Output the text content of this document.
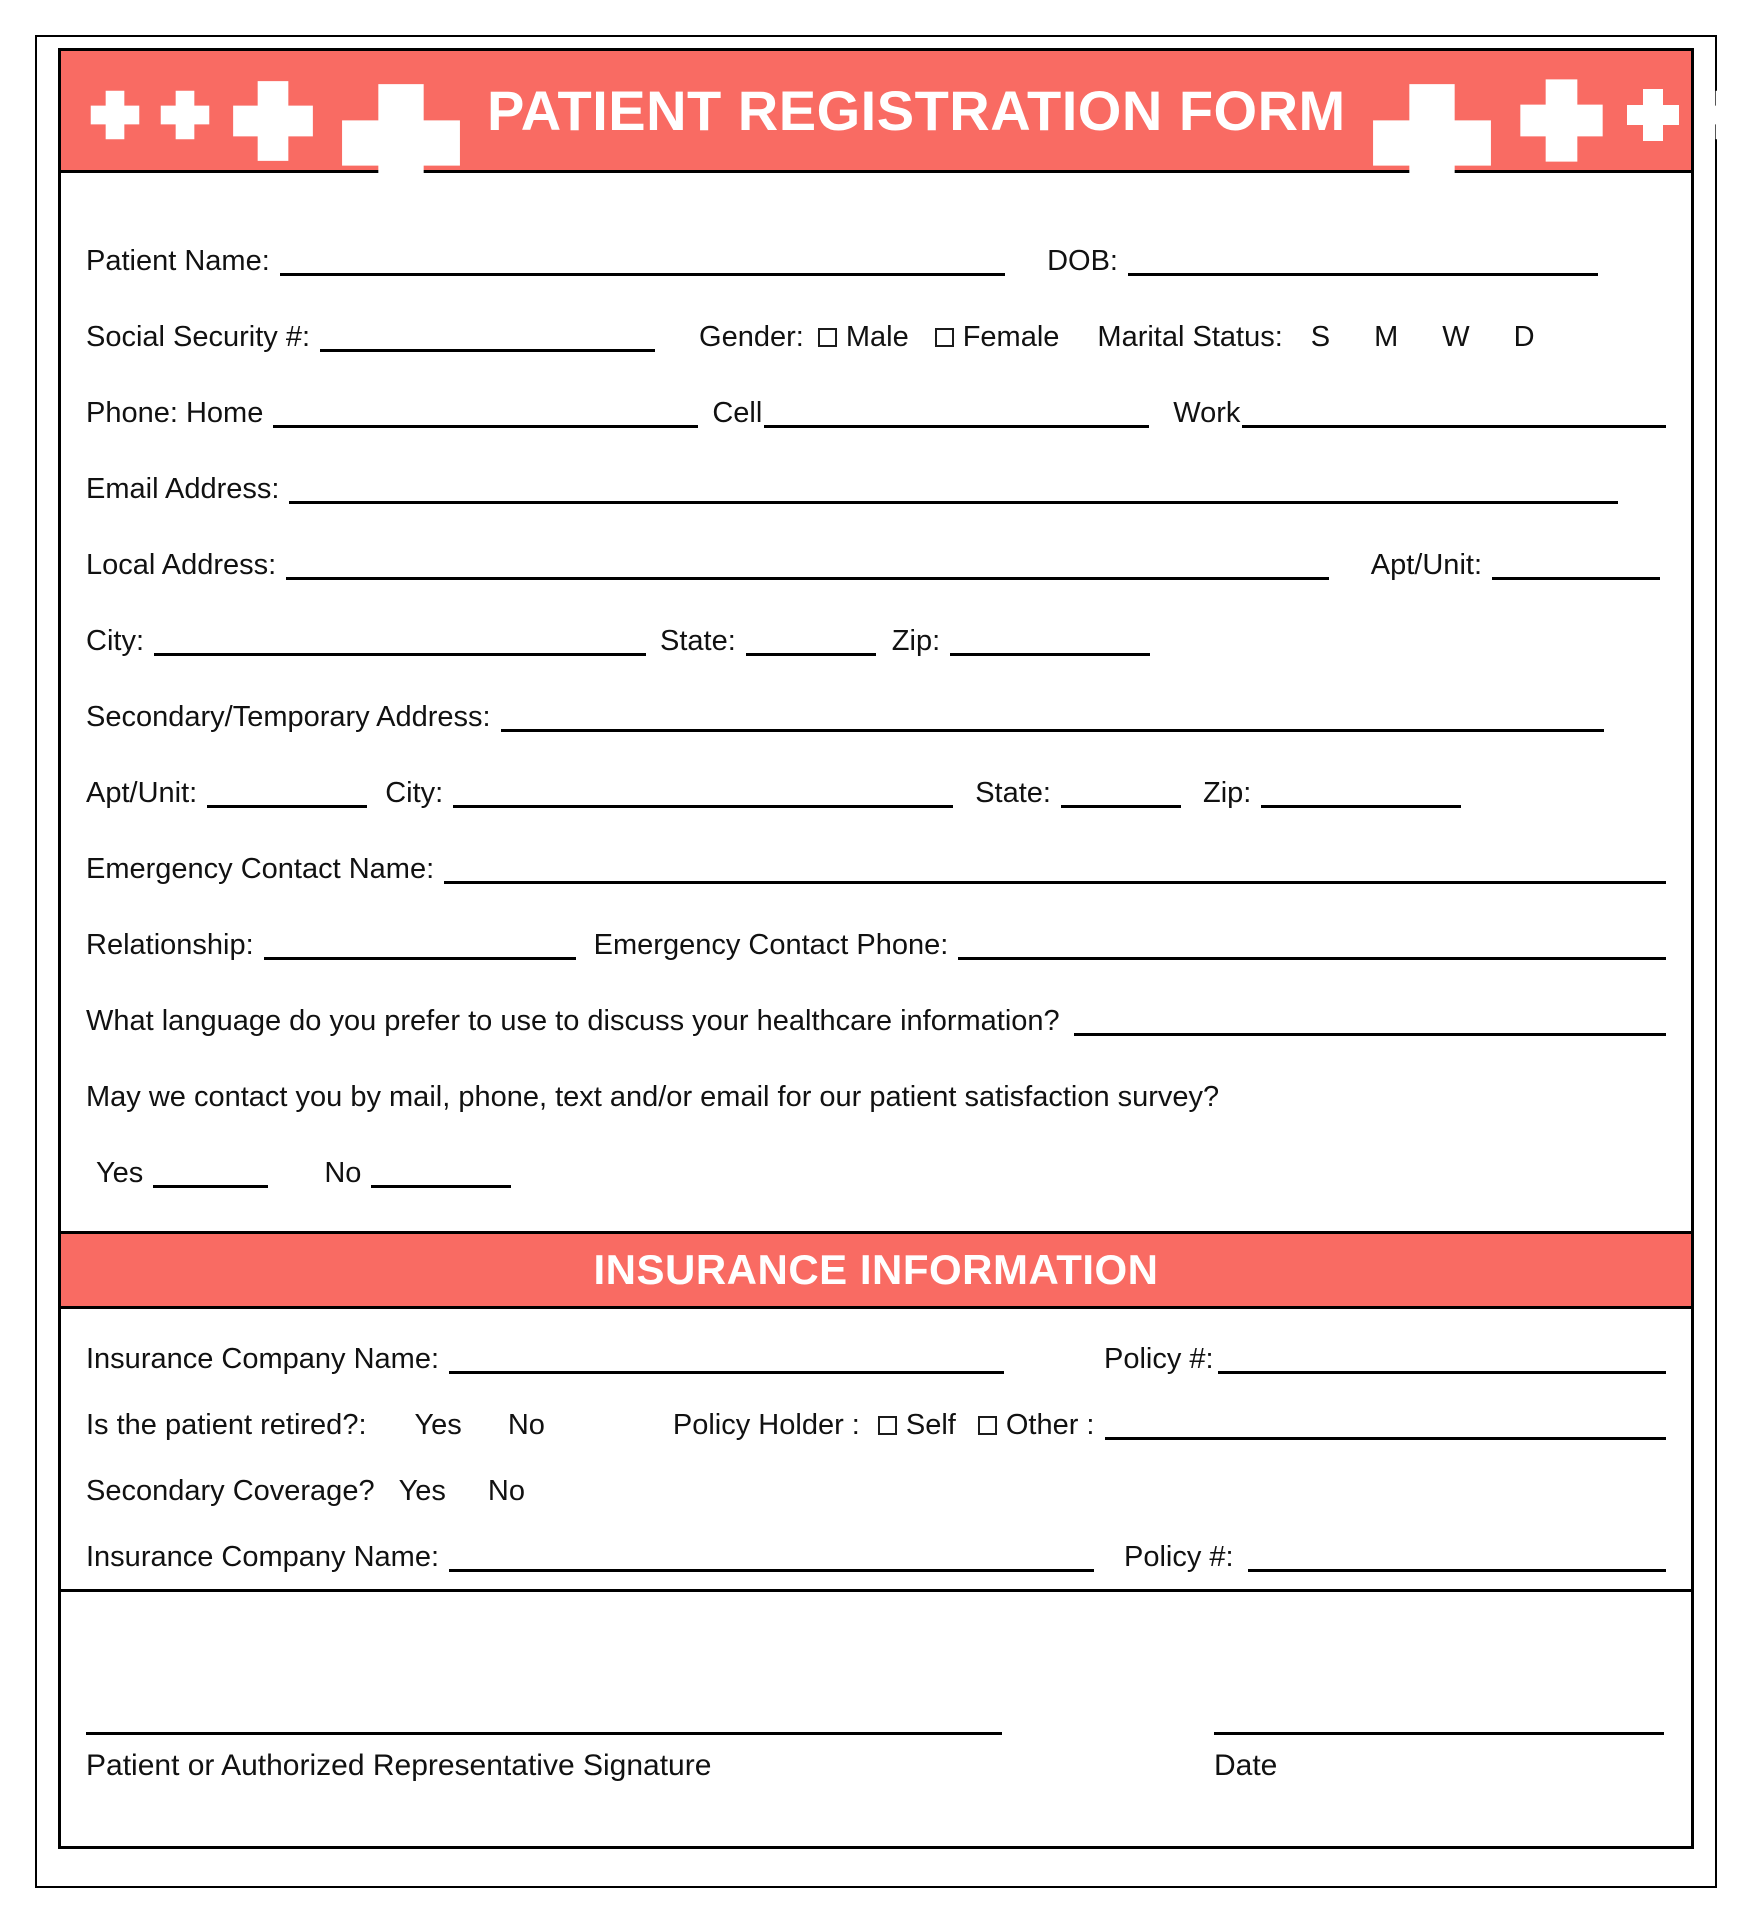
PATIENT REGISTRATION FORM
Patient Name:	DOB:
Social Security #:	Gender: Male Female Marital Status: S M W D
Phone: Home	Cell	Work
Email Address:
Local Address:	Apt/Unit:
City:	State:	Zip:
Secondary/Temporary Address:
Apt/Unit:	City:	State:	Zip:
Emergency Contact Name:
Relationship:	Emergency Contact Phone:
What language do you prefer to use to discuss your healthcare information?
May we contact you by mail, phone, text and/or email for our patient satisfaction survey?
Yes	No
INSURANCE INFORMATION
Insurance Company Name:	Policy #:
Is the patient retired?: Yes No	Policy Holder : Self Other :
Secondary Coverage? Yes No
Insurance Company Name:	Policy #:
Patient or Authorized Representative Signature	Date
